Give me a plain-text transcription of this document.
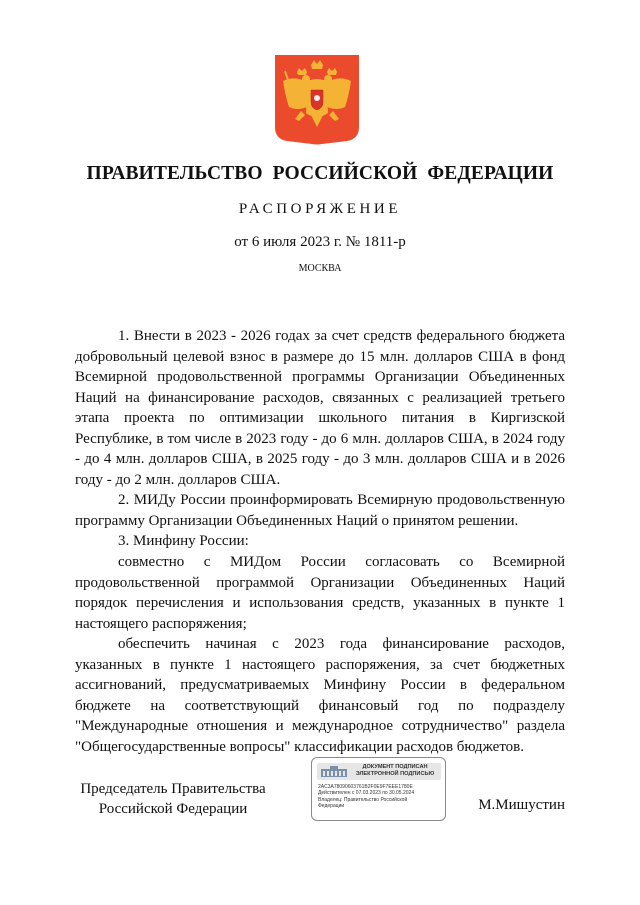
ПРАВИТЕЛЬСТВО РОССИЙСКОЙ ФЕДЕРАЦИИ
РАСПОРЯЖЕНИЕ
от 6 июля 2023 г. № 1811-р
МОСКВА

1. Внести в 2023 - 2026 годах за счет средств федерального бюджета добровольный целевой взнос в размере до 15 млн. долларов США в фонд Всемирной продовольственной программы Организации Объединенных Наций на финансирование расходов, связанных с реализацией третьего этапа проекта по оптимизации школьного питания в Киргизской Республике, в том числе в 2023 году - до 6 млн. долларов США, в 2024 году - до 4 млн. долларов США, в 2025 году - до 3 млн. долларов США и в 2026 году - до 2 млн. долларов США.

2. МИДу России проинформировать Всемирную продовольственную программу Организации Объединенных Наций о принятом решении.

3. Минфину России:

совместно с МИДом России согласовать со Всемирной продовольственной программой Организации Объединенных Наций порядок перечисления и использования средств, указанных в пункте 1 настоящего распоряжения;

обеспечить начиная с 2023 года финансирование расходов, указанных в пункте 1 настоящего распоряжения, за счет бюджетных ассигнований, предусматриваемых Минфину России в федеральном бюджете на соответствующий финансовый год по подразделу "Международные отношения и международное сотрудничество" раздела "Общегосударственные вопросы" классификации расходов бюджетов.

Председатель Правительства
Российской Федерации
ДОКУМЕНТ ПОДПИСАН
ЭЛЕКТРОННОЙ ПОДПИСЬЮ
2AC3A78090603761B2F0E9F7EEE1780E
Действителен с 07.03.2023 по 30.05.2024
Владелец: Правительство Российской
Федерации	М.Мишустин
